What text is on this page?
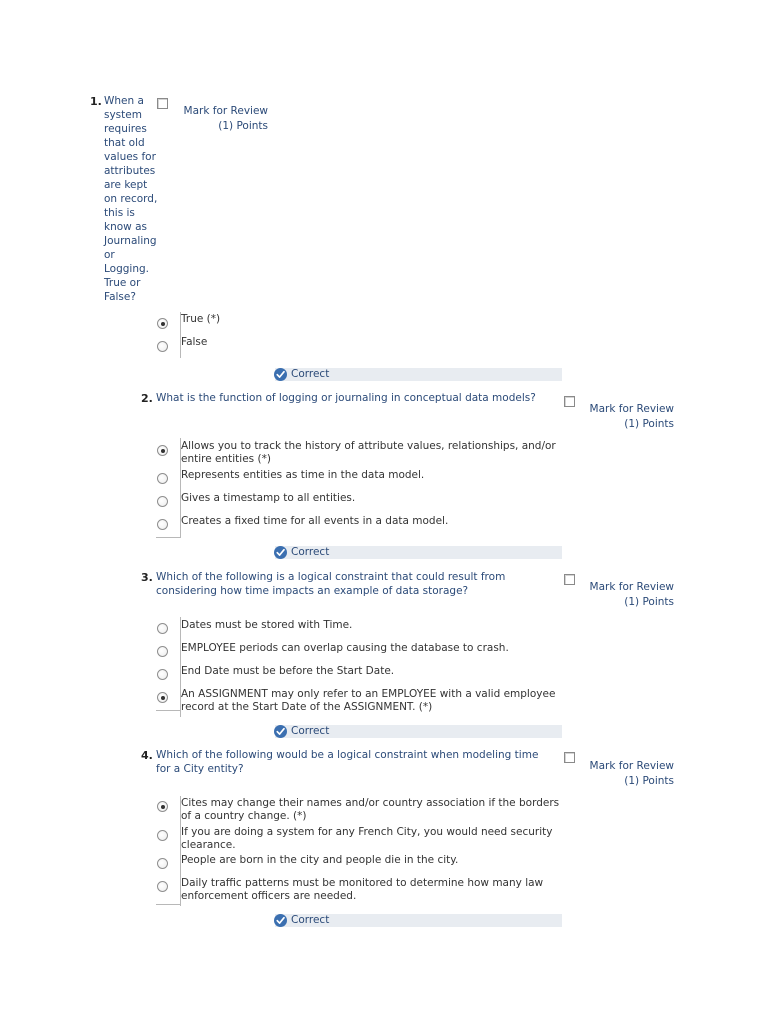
1. When a system requires that old values for attributes are kept on record, this is know as Journaling or Logging. True or False?
Mark for Review
(1) Points
True (*)
False
Correct
2. What is the function of logging or journaling in conceptual data models?
Mark for Review
(1) Points
Allows you to track the history of attribute values, relationships, and/or entire entities (*)
Represents entities as time in the data model.
Gives a timestamp to all entities.
Creates a fixed time for all events in a data model.
Correct
3. Which of the following is a logical constraint that could result from considering how time impacts an example of data storage?	Mark for Review
(1) Points
Dates must be stored with Time.
EMPLOYEE periods can overlap causing the database to crash.
End Date must be before the Start Date.
An ASSIGNMENT may only refer to an EMPLOYEE with a valid employee record at the Start Date of the ASSIGNMENT. (*)
Correct
4. Which of the following would be a logical constraint when modeling time for a City entity?	Mark for Review
(1) Points
Cites may change their names and/or country association if the borders of a country change. (*)
If you are doing a system for any French City, you would need security clearance.
People are born in the city and people die in the city.
Daily traffic patterns must be monitored to determine how many law enforcement officers are needed.
Correct
